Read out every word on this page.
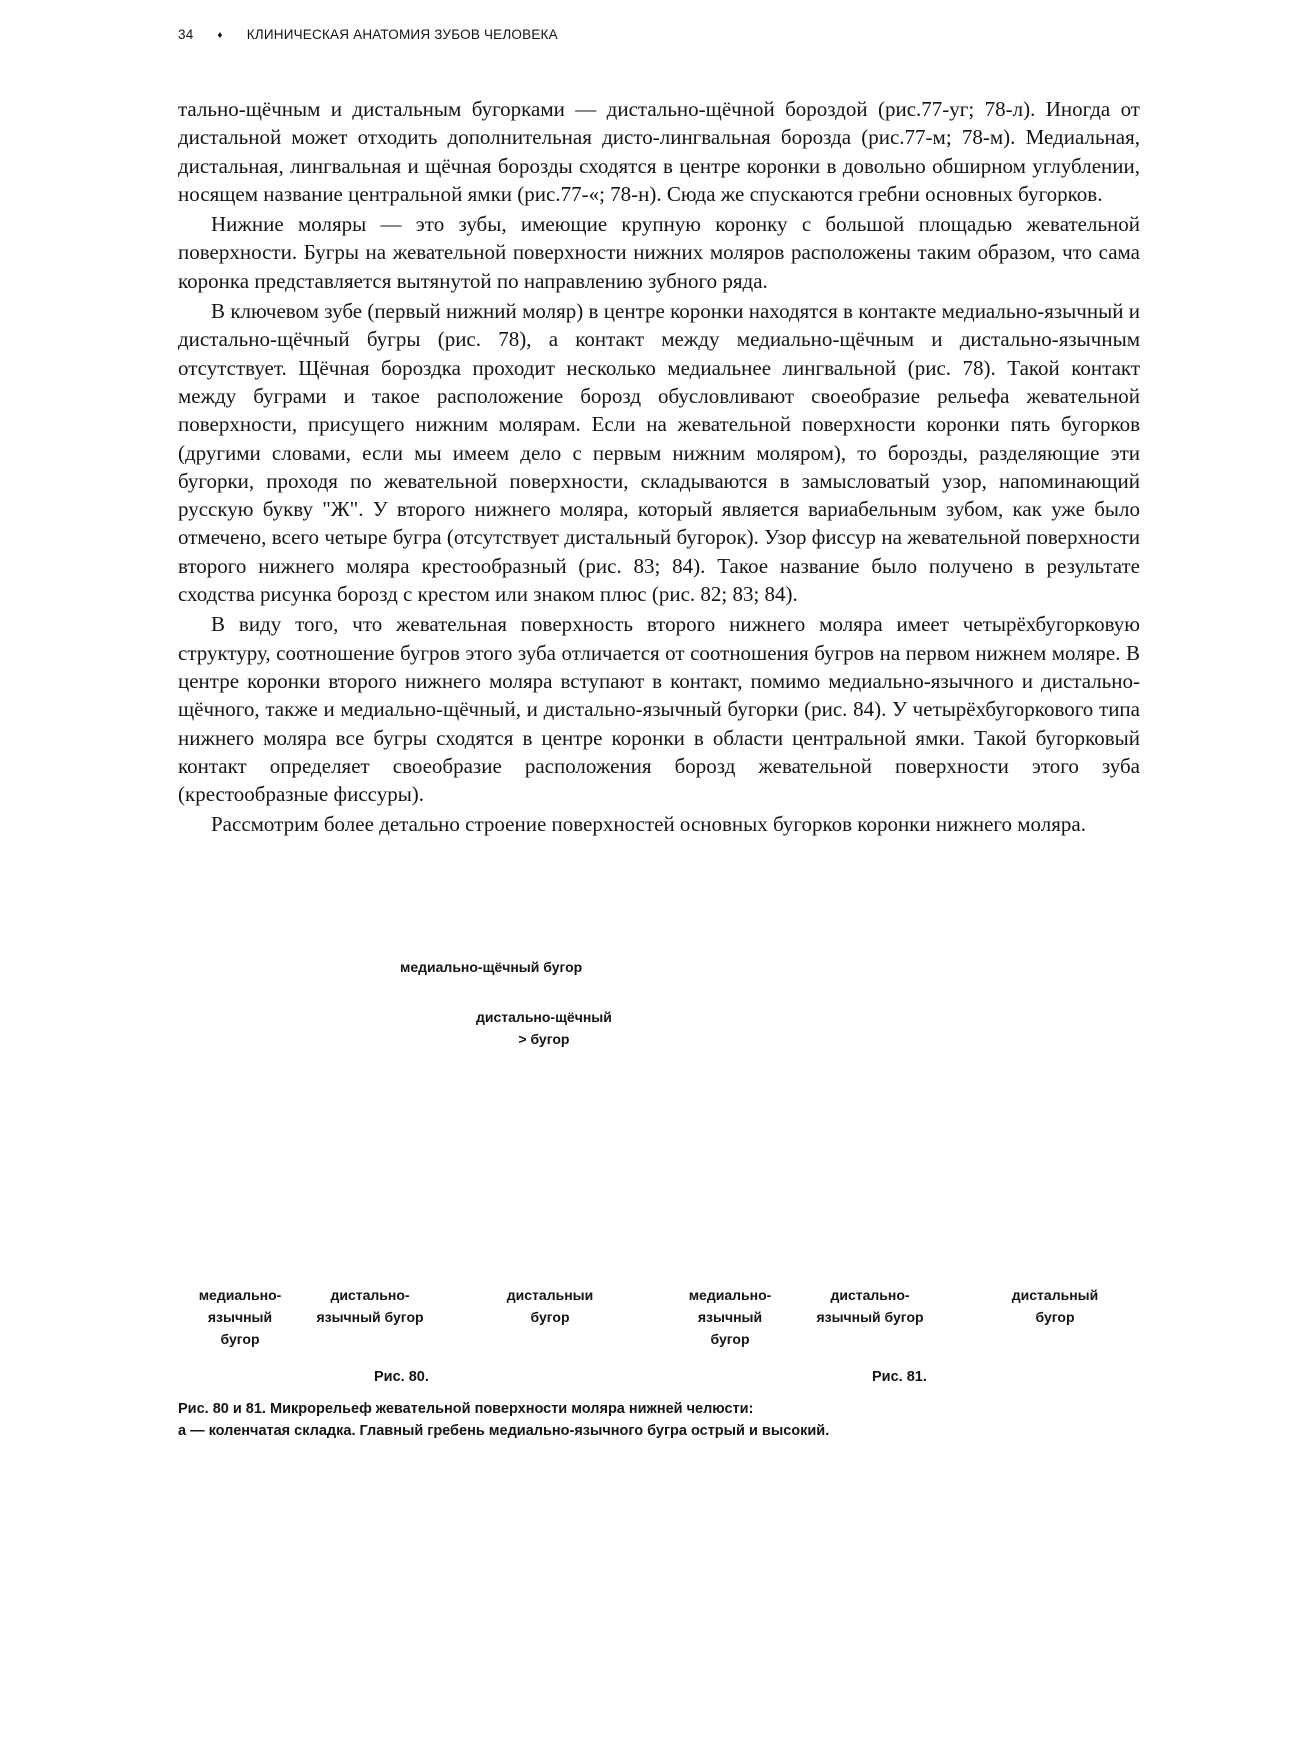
34 ♦ КЛИНИЧЕСКАЯ АНАТОМИЯ ЗУБОВ ЧЕЛОВЕКА

тально-щёчным и дистальным бугорками — дистально-щёчной бороздой (рис.77-уг; 78-л). Иногда от дистальной может отходить дополнительная дисто-лингвальная борозда (рис.77-м; 78-м). Медиальная, дистальная, лингвальная и щёчная борозды сходятся в центре коронки в довольно обширном углублении, носящем название центральной ямки (рис.77-«; 78-н). Сюда же спускаются гребни основных бугорков.

Нижние моляры — это зубы, имеющие крупную коронку с большой площадью жевательной поверхности. Бугры на жевательной поверхности нижних моляров расположены таким образом, что сама коронка представляется вытянутой по направлению зубного ряда.

В ключевом зубе (первый нижний моляр) в центре коронки находятся в контакте медиально-язычный и дистально-щёчный бугры (рис. 78), а контакт между медиально-щёчным и дистально-язычным отсутствует. Щёчная бороздка проходит несколько медиальнее лингвальной (рис. 78). Такой контакт между буграми и такое расположение борозд обусловливают своеобразие рельефа жевательной поверхности, присущего нижним молярам. Если на жевательной поверхности коронки пять бугорков (другими словами, если мы имеем дело с первым нижним моляром), то борозды, разделяющие эти бугорки, проходя по жевательной поверхности, складываются в замысловатый узор, напоминающий русскую букву "Ж". У второго нижнего моляра, который является вариабельным зубом, как уже было отмечено, всего четыре бугра (отсутствует дистальный бугорок). Узор фиссур на жевательной поверхности второго нижнего моляра крестообразный (рис. 83; 84). Такое название было получено в результате сходства рисунка борозд с крестом или знаком плюс (рис. 82; 83; 84).

В виду того, что жевательная поверхность второго нижнего моляра имеет четырёхбугорковую структуру, соотношение бугров этого зуба отличается от соотношения бугров на первом нижнем моляре. В центре коронки второго нижнего моляра вступают в контакт, помимо медиально-язычного и дистально-щёчного, также и медиально-щёчный, и дистально-язычный бугорки (рис. 84). У четырёхбугоркового типа нижнего моляра все бугры сходятся в центре коронки в области центральной ямки. Такой бугорковый контакт определяет своеобразие расположения борозд жевательной поверхности этого зуба (крестообразные фиссуры).

Рассмотрим более детально строение поверхностей основных бугорков коронки нижнего моляра.

медиально-щёчный бугор
дистально-щёчный
> бугор
медиально-
язычный
бугор
дистально-
язычный бугор
дистальныи
бугор
Рис. 80.
медиально-
язычный
бугор
дистально-
язычный бугор
дистальный
бугор
Рис. 81.
Рис. 80 и 81. Микрорельеф жевательной поверхности моляра нижней челюсти:
а — коленчатая складка. Главный гребень медиально-язычного бугра острый и высокий.
